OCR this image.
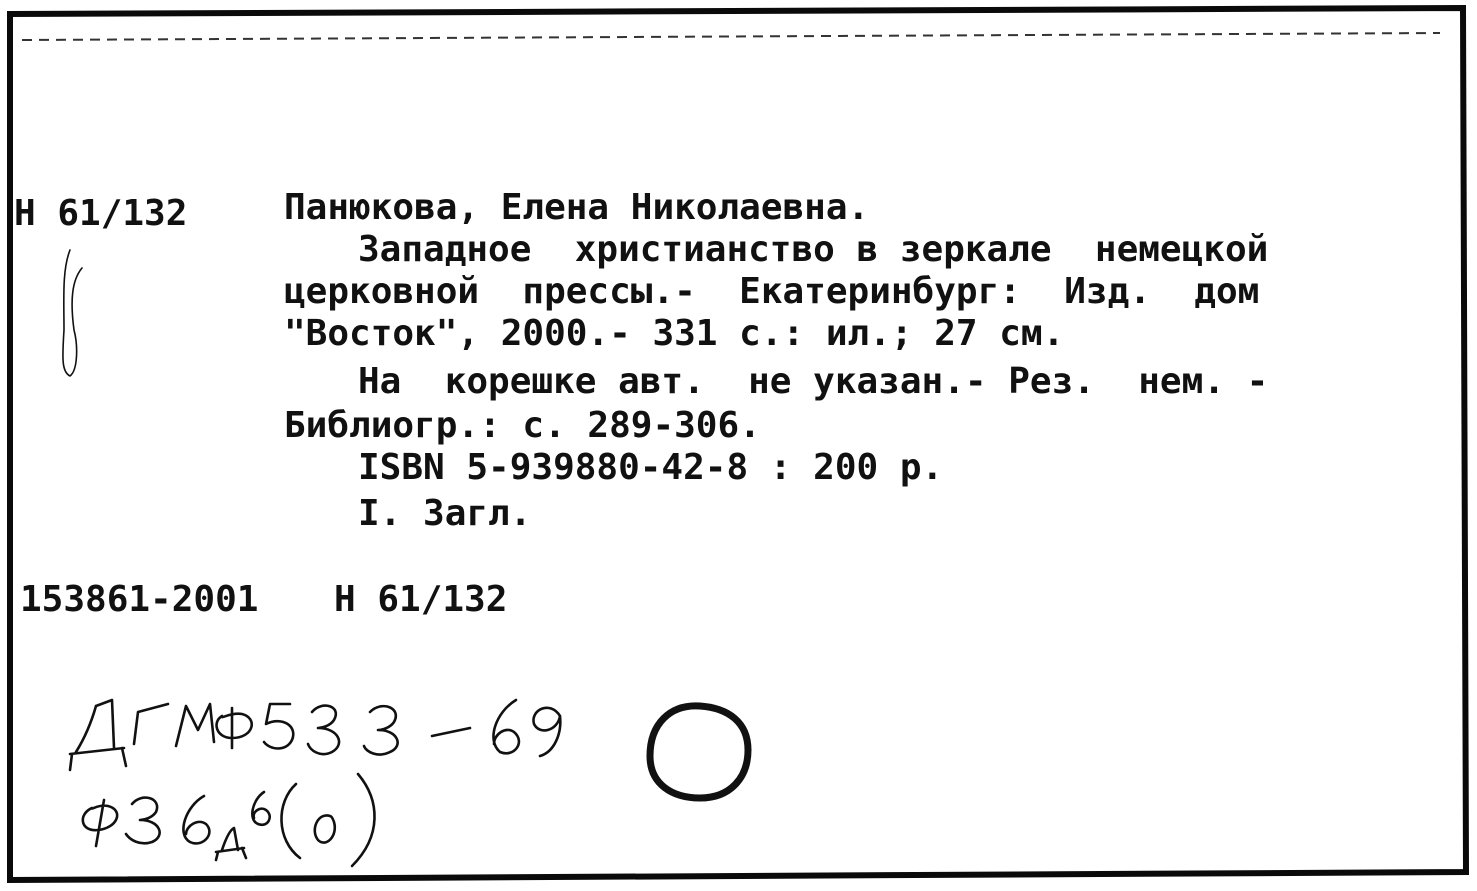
Н 61/132	Панюкова, Елена Николаевна.
Западное  христианство в зеркале  немецкой
церковной  прессы.-  Екатеринбург:  Изд.  дом
"Восток", 2000.- 331 с.: ил.; 27 см.
На  корешке авт.  не указан.- Рез.  нем. -
Библиогр.: с. 289-306.
ISBN 5-939880-42-8 : 200 р.
I. Загл.
153861-2001 Н 61/132
